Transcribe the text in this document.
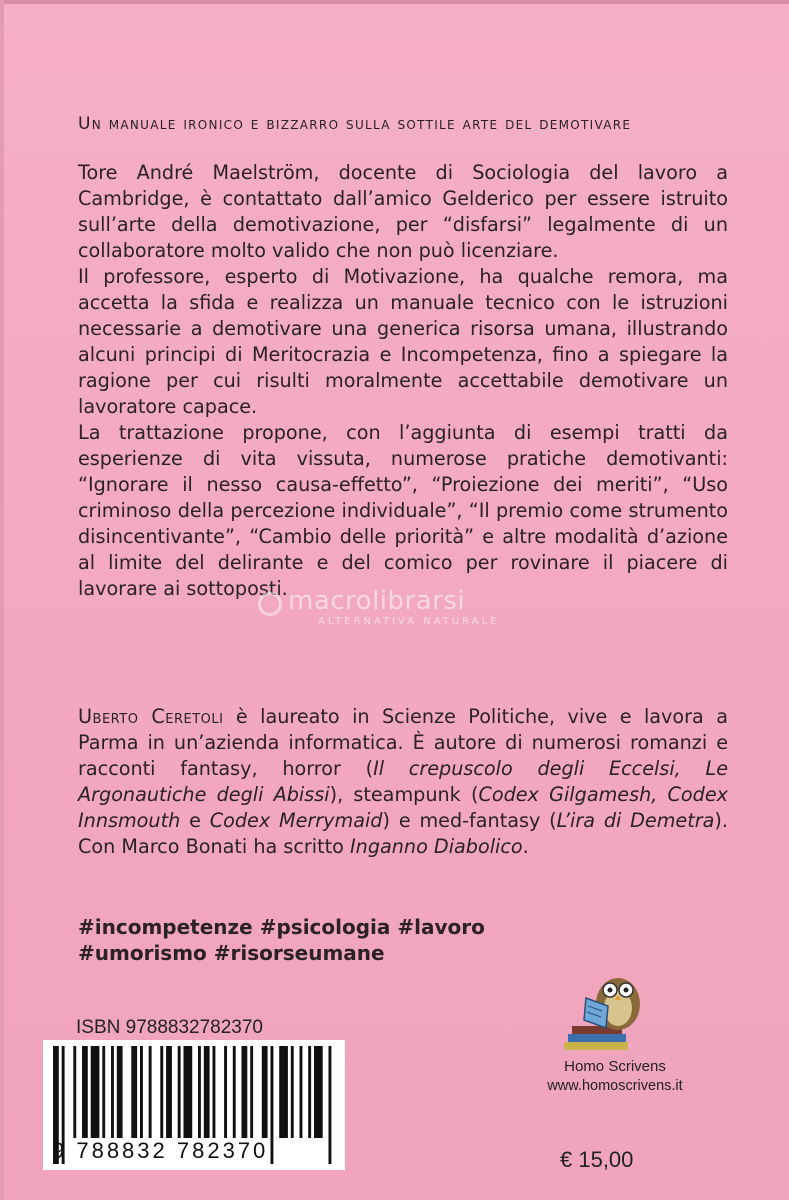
Un manuale ironico e bizzarro sulla sottile arte del demotivare

Tore André Maelström, docente di Sociologia del lavoro a Cambridge, è contattato dall’amico Gelderico per essere istruito sull’arte della demotivazione, per “disfarsi” legalmente di un collaboratore molto valido che non può licenziare.

Il professore, esperto di Motivazione, ha qualche remora, ma accetta la sfida e realizza un manuale tecnico con le istruzioni necessarie a demotivare una generica risorsa umana, illustrando alcuni principi di Meritocrazia e Incompetenza, fino a spiegare la ragione per cui risulti moralmente accettabile demotivare un lavoratore capace.

La trattazione propone, con l’aggiunta di esempi tratti da esperienze di vita vissuta, numerose pratiche demotivanti: “Ignorare il nesso causa-effetto”, “Proiezione dei meriti”, “Uso criminoso della percezione individuale”, “Il premio come strumento disincentivante”, “Cambio delle priorità” e altre modalità d’azione al limite del delirante e del comico per rovinare il piacere di lavorare ai sottoposti. macrolibrarsi
ALTERNATIVA NATURALE

Uberto Ceretoli è laureato in Scienze Politiche, vive e lavora a Parma in un’azienda informatica. È autore di numerosi romanzi e racconti fantasy, horror (Il crepuscolo degli Eccelsi, Le Argonautiche degli Abissi), steampunk (Codex Gilgamesh, Codex Innsmouth e Codex Merrymaid) e med-fantasy (L’ira di Demetra). Con Marco Bonati ha scritto Inganno Diabolico.

#incompetenze #psicologia #lavoro
#umorismo #risorseumane
ISBN 9788832782370
9 788832 782370
Homo Scrivens
www.homoscrivens.it
€ 15,00
